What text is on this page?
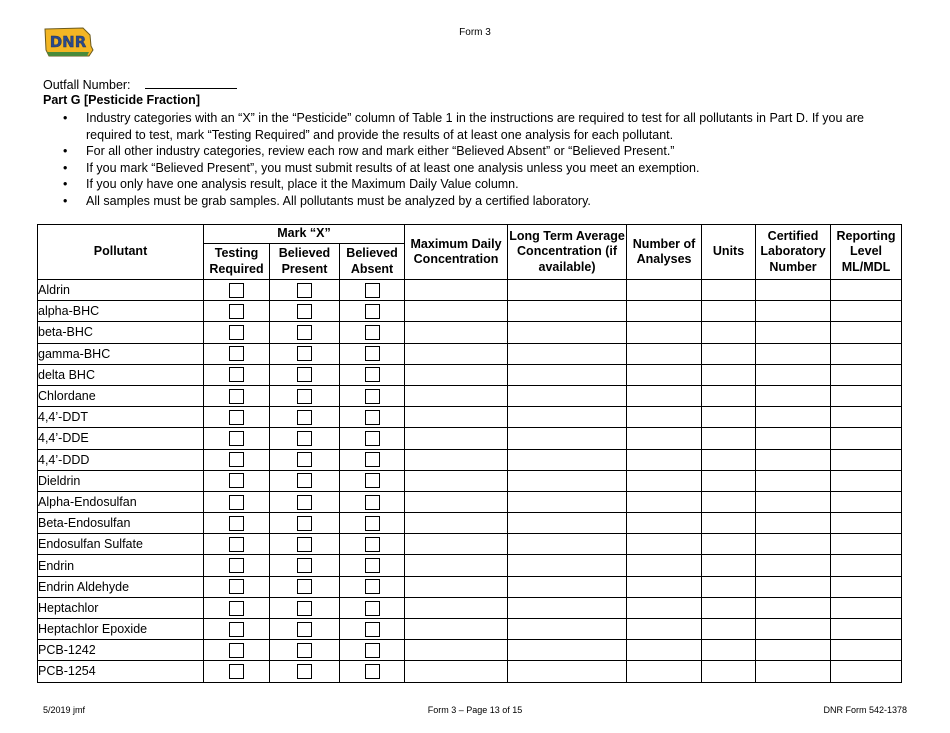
DNR
Form 3
Outfall Number:
Part G [Pesticide Fraction]
• Industry categories with an “X” in the “Pesticide” column of Table 1 in the instructions are required to test for all pollutants in Part D. If you are required to test, mark “Testing Required” and provide the results of at least one analysis for each pollutant.
• For all other industry categories, review each row and mark either “Believed Absent” or “Believed Present.”
• If you mark “Believed Present”, you must submit results of at least one analysis unless you meet an exemption.
• If you only have one analysis result, place it the Maximum Daily Value column.
• All samples must be grab samples. All pollutants must be analyzed by a certified laboratory.
Pollutant	Mark “X”			Maximum Daily Concentration	Long Term Average Concentration (if available)	Number of Analyses	Units	Certified Laboratory Number	Reporting Level ML/MDL
	Testing Required	Believed Present	Believed Absent						
Aldrin									
alpha-BHC									
beta-BHC									
gamma-BHC									
delta BHC									
Chlordane									
4,4’-DDT									
4,4’-DDE									
4,4’-DDD									
Dieldrin									
Alpha-Endosulfan									
Beta-Endosulfan									
Endosulfan Sulfate									
Endrin									
Endrin Aldehyde									
Heptachlor									
Heptachlor Epoxide									
PCB-1242									
PCB-1254									
5/2019 jmf	Form 3 – Page 13 of 15	DNR Form 542-1378
